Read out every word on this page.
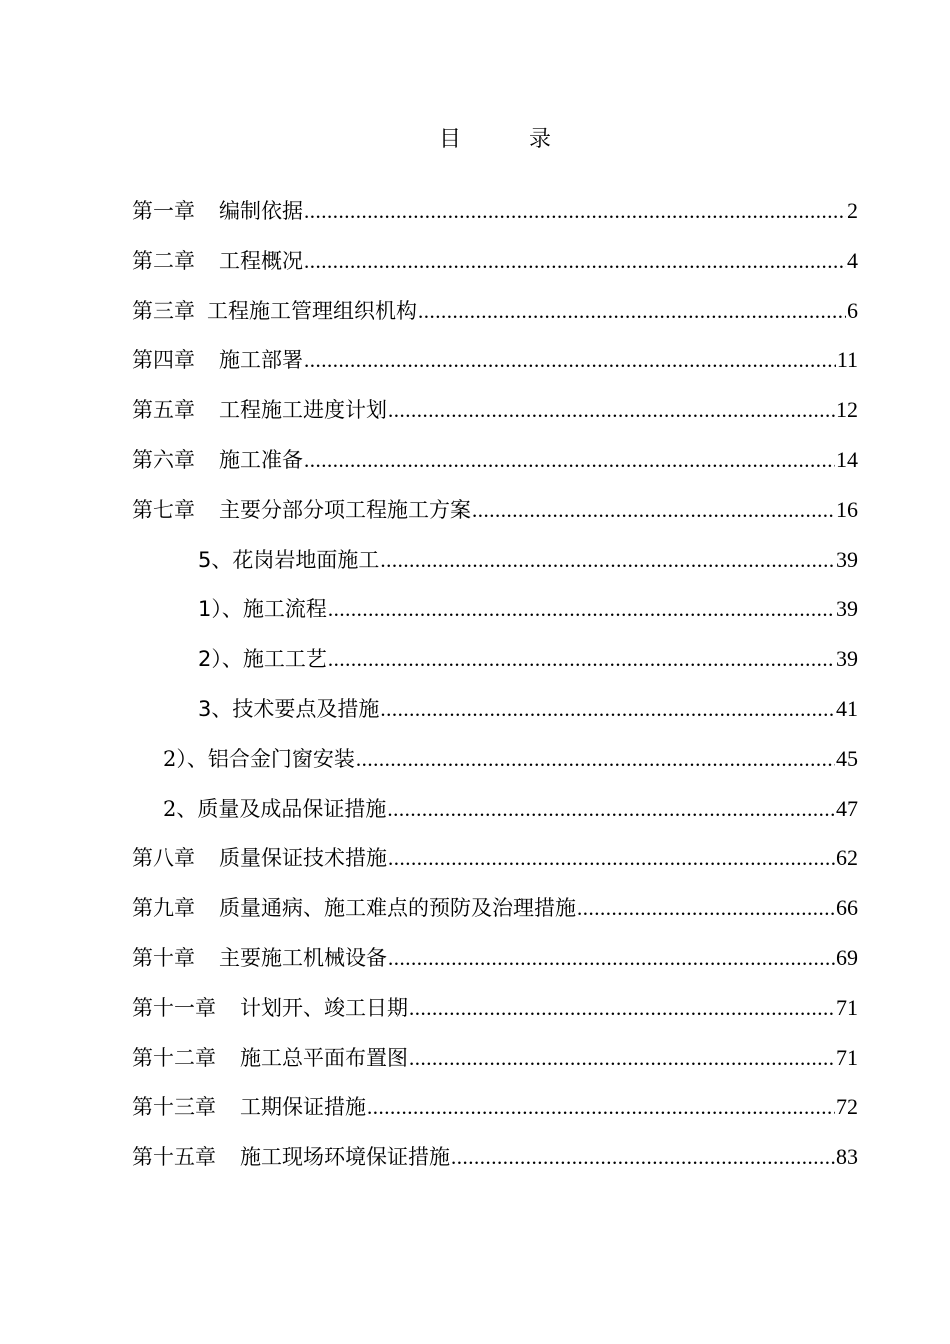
目	录
第一章 编制依据 .....	2
第二章 工程概况 .....	4
第三章 工程施工管理组织机构 .....	6
第四章 施工部署 .....	11
第五章 工程施工进度计划 .....	12
第六章 施工准备 .....	14
第七章 主要分部分项工程施工方案 .....	16
5、花岗岩地面施工 .....	39
1）、施工流程 .....	39
2）、施工工艺 .....	39
3、技术要点及措施 .....	41
2）、铝合金门窗安装 .....	45
2、质量及成品保证措施 .....	47
第八章 质量保证技术措施 .....	62
第九章 质量通病、施工难点的预防及治理措施 .....	66
第十章 主要施工机械设备 .....	69
第十一章 计划开、竣工日期 .....	71
第十二章 施工总平面布置图 .....	71
第十三章 工期保证措施 .....	72
第十五章 施工现场环境保证措施 .....	83
